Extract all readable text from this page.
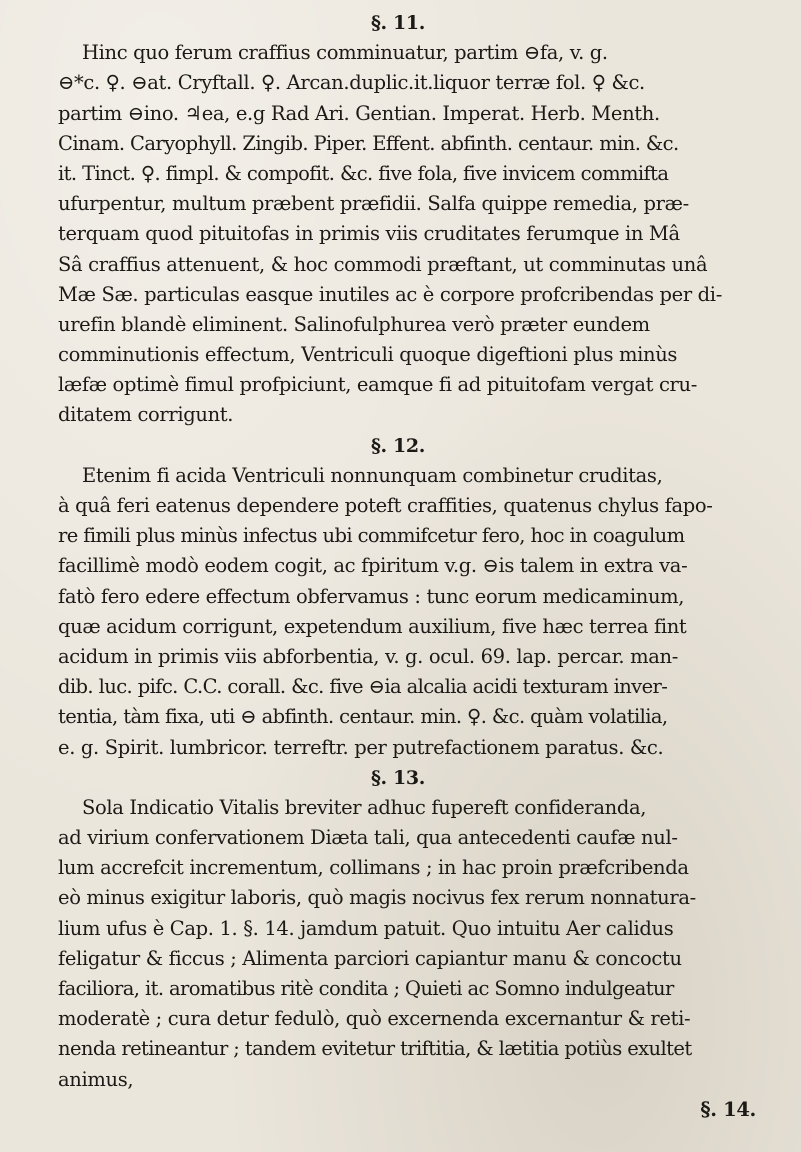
§. 11.
Hinc quo ferum craffius comminuatur, partim ⊖fa, v. g.
⊖*c. ♀. ⊖at. Cryftall. ♀. Arcan.duplic.it.liquor terræ fol. ♀ &c.
partim ⊖ino. ♃ea, e.g Rad Ari. Gentian. Imperat. Herb. Menth.
Cinam. Caryophyll. Zingib. Piper. Effent. abfinth. centaur. min. &c.
it. Tinct. ♀. fimpl. & compofit. &c. five fola, five invicem commifta
ufurpentur, multum præbent præfidii. Salfa quippe remedia, præ-
terquam quod pituitofas in primis viis cruditates ferumque in Mâ
Sâ craffius attenuent, & hoc commodi præftant, ut comminutas unâ
Mæ Sæ. particulas easque inutiles ac è corpore profcribendas per di-
urefin blandè eliminent. Salinofulphurea verò præter eundem
comminutionis effectum, Ventriculi quoque digeftioni plus minùs
læfæ optimè fimul profpiciunt, eamque fi ad pituitofam vergat cru-
ditatem corrigunt.
§. 12.
Etenim fi acida Ventriculi nonnunquam combinetur cruditas,
à quâ feri eatenus dependere poteft craffities, quatenus chylus fapo-
re fimili plus minùs infectus ubi commifcetur fero, hoc in coagulum
facillimè modò eodem cogit, ac fpiritum v.g. ⊖is talem in extra va-
fatò fero edere effectum obfervamus : tunc eorum medicaminum,
quæ acidum corrigunt, expetendum auxilium, five hæc terrea fint
acidum in primis viis abforbentia, v. g. ocul. 69. lap. percar. man-
dib. luc. pifc. C.C. corall. &c. five ⊖ia alcalia acidi texturam inver-
tentia, tàm fixa, uti ⊖ abfinth. centaur. min. ♀. &c. quàm volatilia,
e. g. Spirit. lumbricor. terreftr. per putrefactionem paratus. &c.
§. 13.
Sola Indicatio Vitalis breviter adhuc fupereft confideranda,
ad virium confervationem Diæta tali, qua antecedenti caufæ nul-
lum accrefcit incrementum, collimans ; in hac proin præfcribenda
eò minus exigitur laboris, quò magis nocivus fex rerum nonnatura-
lium ufus è Cap. 1. §. 14. jamdum patuit. Quo intuitu Aer calidus
feligatur & ficcus ; Alimenta parciori capiantur manu & concoctu
faciliora, it. aromatibus ritè condita ; Quieti ac Somno indulgeatur
moderatè ; cura detur fedulò, quò excernenda excernantur & reti-
nenda retineantur ; tandem evitetur triftitia, & lætitia potiùs exultet
animus,
§. 14.
